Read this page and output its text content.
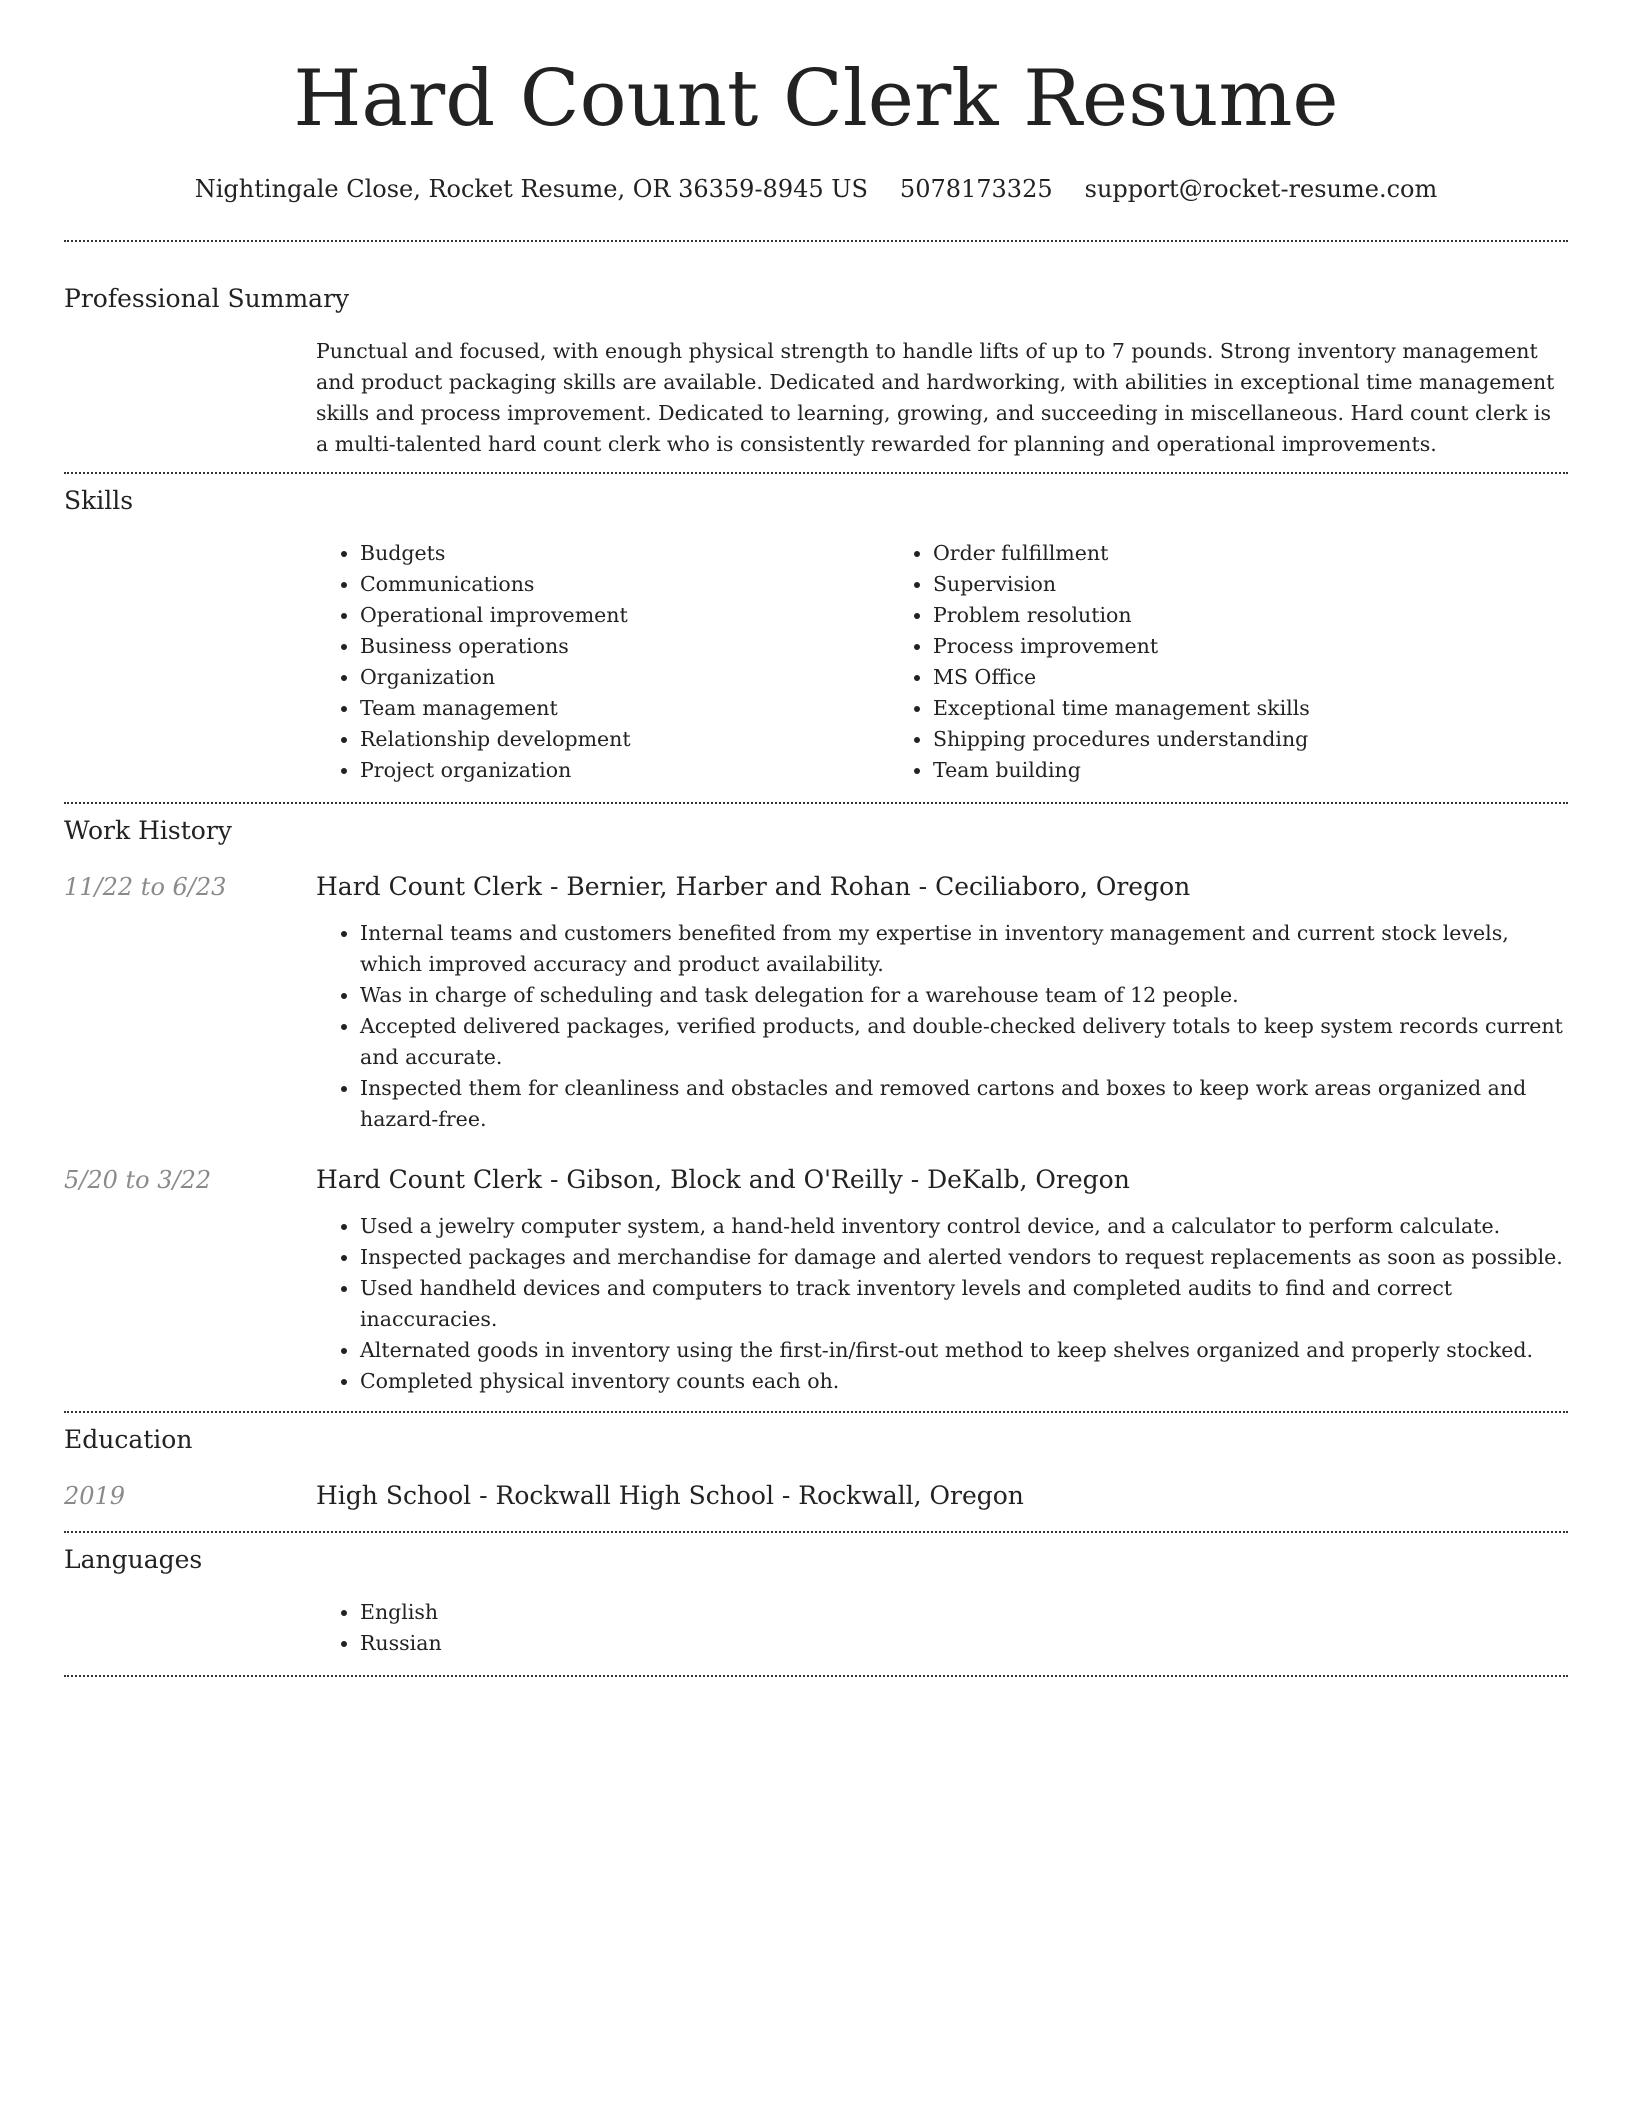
Hard Count Clerk Resume
Nightingale Close, Rocket Resume, OR 36359-8945 US 5078173325 support@rocket-resume.com
Professional Summary

Punctual and focused, with enough physical strength to handle lifts of up to 7 pounds. Strong inventory management and product packaging skills are available. Dedicated and hardworking, with abilities in exceptional time management skills and process improvement. Dedicated to learning, growing, and succeeding in miscellaneous. Hard count clerk is a multi-talented hard count clerk who is consistently rewarded for planning and operational improvements.

Skills
• Budgets
• Communications
• Operational improvement
• Business operations
• Organization
• Team management
• Relationship development
• Project organization
• Order fulfillment
• Supervision
• Problem resolution
• Process improvement
• MS Office
• Exceptional time management skills
• Shipping procedures understanding
• Team building
Work History
11/22 to 6/23	Hard Count Clerk - Bernier, Harber and Rohan - Ceciliaboro, Oregon
• Internal teams and customers benefited from my expertise in inventory management and current stock levels, which improved accuracy and product availability.
• Was in charge of scheduling and task delegation for a warehouse team of 12 people.
• Accepted delivered packages, verified products, and double-checked delivery totals to keep system records current and accurate.
• Inspected them for cleanliness and obstacles and removed cartons and boxes to keep work areas organized and hazard-free.
5/20 to 3/22	Hard Count Clerk - Gibson, Block and O'Reilly - DeKalb, Oregon
• Used a jewelry computer system, a hand-held inventory control device, and a calculator to perform calculate.
• Inspected packages and merchandise for damage and alerted vendors to request replacements as soon as possible.
• Used handheld devices and computers to track inventory levels and completed audits to find and correct inaccuracies.
• Alternated goods in inventory using the first-in/first-out method to keep shelves organized and properly stocked.
• Completed physical inventory counts each oh.
Education
2019	High School - Rockwall High School - Rockwall, Oregon
Languages
• English
• Russian
